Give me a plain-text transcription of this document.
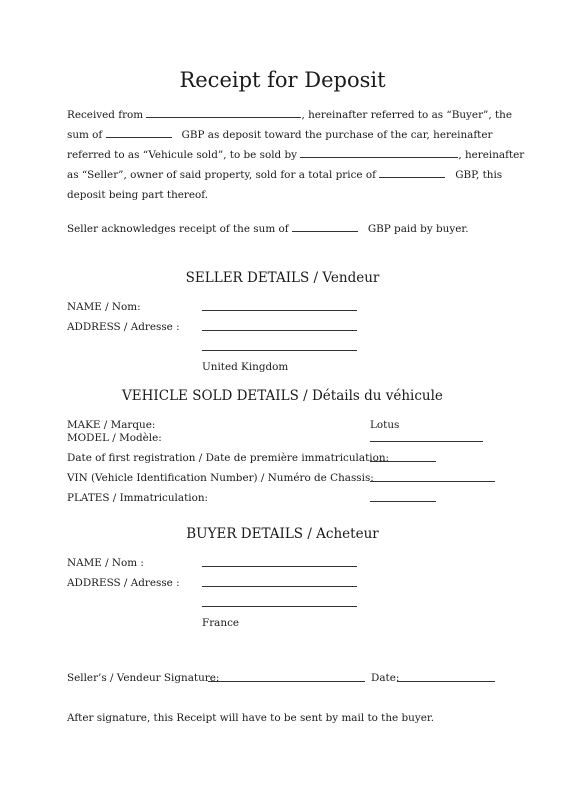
Receipt for Deposit
Received from	, hereinafter referred to as “Buyer”, the
sum of	GBP as deposit toward the purchase of the car, hereinafter
referred to as “Vehicule sold”, to be sold by	, hereinafter
as “Seller”, owner of said property, sold for a total price of	GBP, this
deposit being part thereof.
Seller acknowledges receipt of the sum of	GBP paid by buyer.
SELLER DETAILS / Vendeur
NAME / Nom:
ADDRESS / Adresse :
United Kingdom
VEHICLE SOLD DETAILS / Détails du véhicule
MAKE / Marque:	Lotus
MODEL / Modèle:
Date of first registration / Date de première immatriculation:
VIN (Vehicle Identification Number) / Numéro de Chassis:
PLATES / Immatriculation:
BUYER DETAILS / Acheteur
NAME / Nom :
ADDRESS / Adresse :
France
Seller’s / Vendeur Signature:	Date:
After signature, this Receipt will have to be sent by mail to the buyer.
